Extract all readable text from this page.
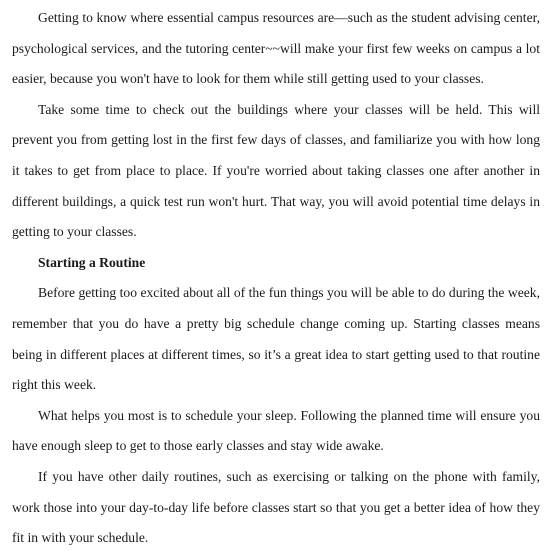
Getting to know where essential campus resources are—such as the student advising center, psychological services, and the tutoring center~~will make your first few weeks on campus a lot easier, because you won't have to look for them while still getting used to your classes.

Take some time to check out the buildings where your classes will be held. This will prevent you from getting lost in the first few days of classes, and familiarize you with how long it takes to get from place to place. If you're worried about taking classes one after another in different buildings, a quick test run won't hurt. That way, you will avoid potential time delays in getting to your classes.

Starting a Routine

Before getting too excited about all of the fun things you will be able to do during the week, remember that you do have a pretty big schedule change coming up. Starting classes means being in different places at different times, so it’s a great idea to start getting used to that routine right this week.

What helps you most is to schedule your sleep. Following the planned time will ensure you have enough sleep to get to those early classes and stay wide awake.

If you have other daily routines, such as exercising or talking on the phone with family, work those into your day-to-day life before classes start so that you get a better idea of how they fit in with your schedule.
